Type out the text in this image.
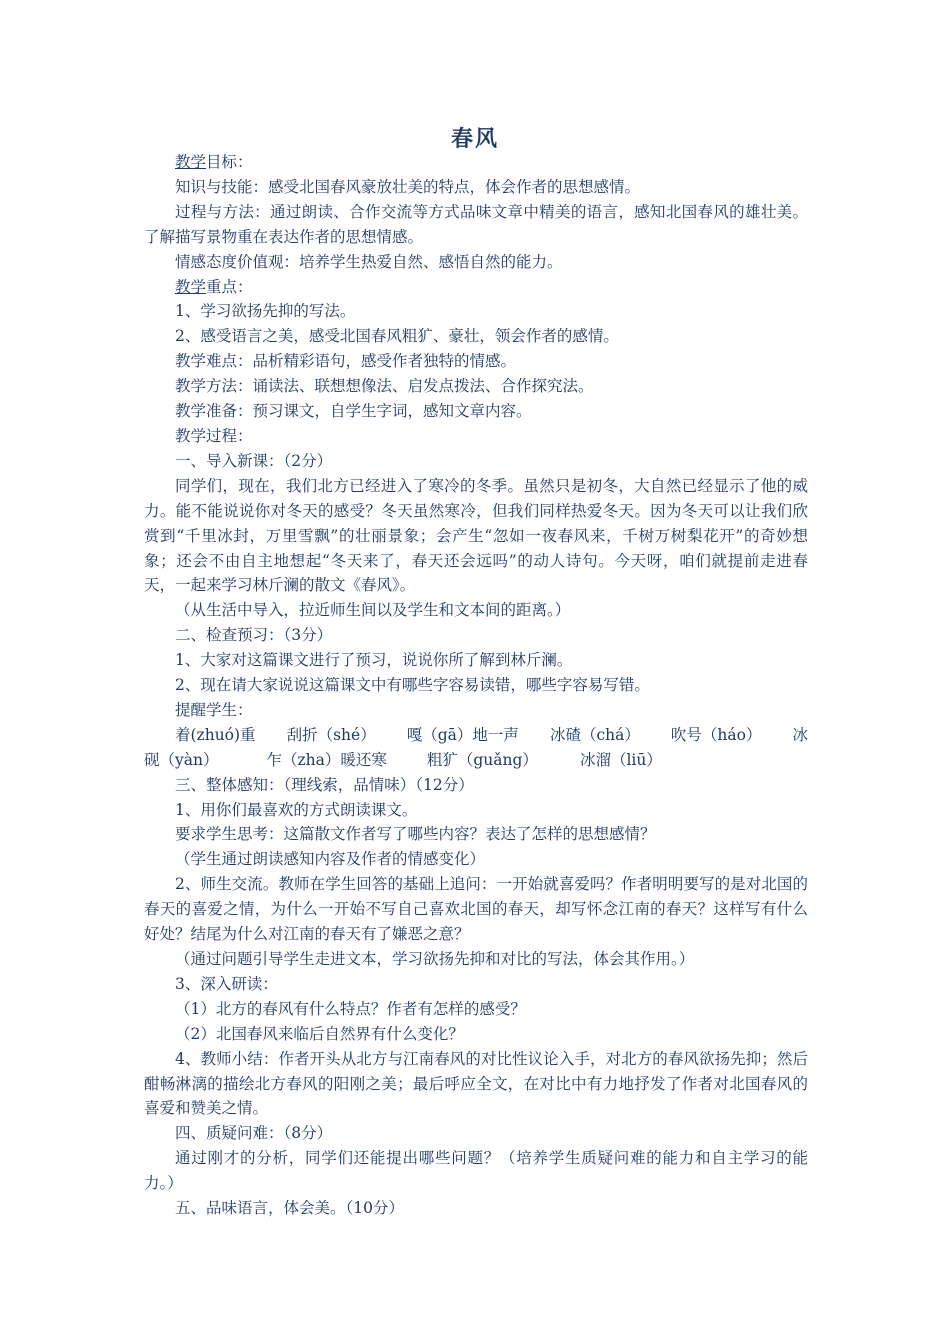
春风

教学目标：

知识与技能：感受北国春风豪放壮美的特点，体会作者的思想感情。

过程与方法：通过朗读、合作交流等方式品味文章中精美的语言，感知北国春风的雄壮美。了解描写景物重在表达作者的思想情感。

情感态度价值观：培养学生热爱自然、感悟自然的能力。

教学重点：

1、学习欲扬先抑的写法。

2、感受语言之美，感受北国春风粗犷、豪壮，领会作者的感情。

教学难点：品析精彩语句，感受作者独特的情感。

教学方法：诵读法、联想想像法、启发点拨法、合作探究法。

教学准备：预习课文，自学生字词，感知文章内容。

教学过程：

一、导入新课：（2分）

同学们，现在，我们北方已经进入了寒冷的冬季。虽然只是初冬，大自然已经显示了他的威力。能不能说说你对冬天的感受？冬天虽然寒冷，但我们同样热爱冬天。因为冬天可以让我们欣赏到“千里冰封，万里雪飘”的壮丽景象；会产生“忽如一夜春风来，千树万树梨花开”的奇妙想象；还会不由自主地想起“冬天来了，春天还会远吗”的动人诗句。今天呀，咱们就提前走进春天，一起来学习林斤澜的散文《春风》。

（从生活中导入，拉近师生间以及学生和文本间的距离。）

二、检查预习：（3分）

1、大家对这篇课文进行了预习，说说你所了解到林斤澜。

2、现在请大家说说这篇课文中有哪些字容易读错，哪些字容易写错。

提醒学生：

着(zhuó)重 刮折（shé） 嘎（gā）地一声 冰碴（chá） 吹号（háo） 冰

砚（yàn）	乍（zha）暖还寒	粗犷（guǎng）	冰溜（liū）

三、整体感知：（理线索，品情味）（12分）

1、用你们最喜欢的方式朗读课文。

要求学生思考：这篇散文作者写了哪些内容？表达了怎样的思想感情？

（学生通过朗读感知内容及作者的情感变化）

2、师生交流。教师在学生回答的基础上追问：一开始就喜爱吗？作者明明要写的是对北国的春天的喜爱之情，为什么一开始不写自己喜欢北国的春天，却写怀念江南的春天？这样写有什么好处？结尾为什么对江南的春天有了嫌恶之意？

（通过问题引导学生走进文本，学习欲扬先抑和对比的写法，体会其作用。）

3、深入研读：

（1）北方的春风有什么特点？作者有怎样的感受？

（2）北国春风来临后自然界有什么变化？

4、教师小结：作者开头从北方与江南春风的对比性议论入手，对北方的春风欲扬先抑；然后酣畅淋漓的描绘北方春风的阳刚之美；最后呼应全文，在对比中有力地抒发了作者对北国春风的喜爱和赞美之情。

四、质疑问难：（8分）

通过刚才的分析，同学们还能提出哪些问题？（培养学生质疑问难的能力和自主学习的能力。）

五、品味语言，体会美。（10分）
